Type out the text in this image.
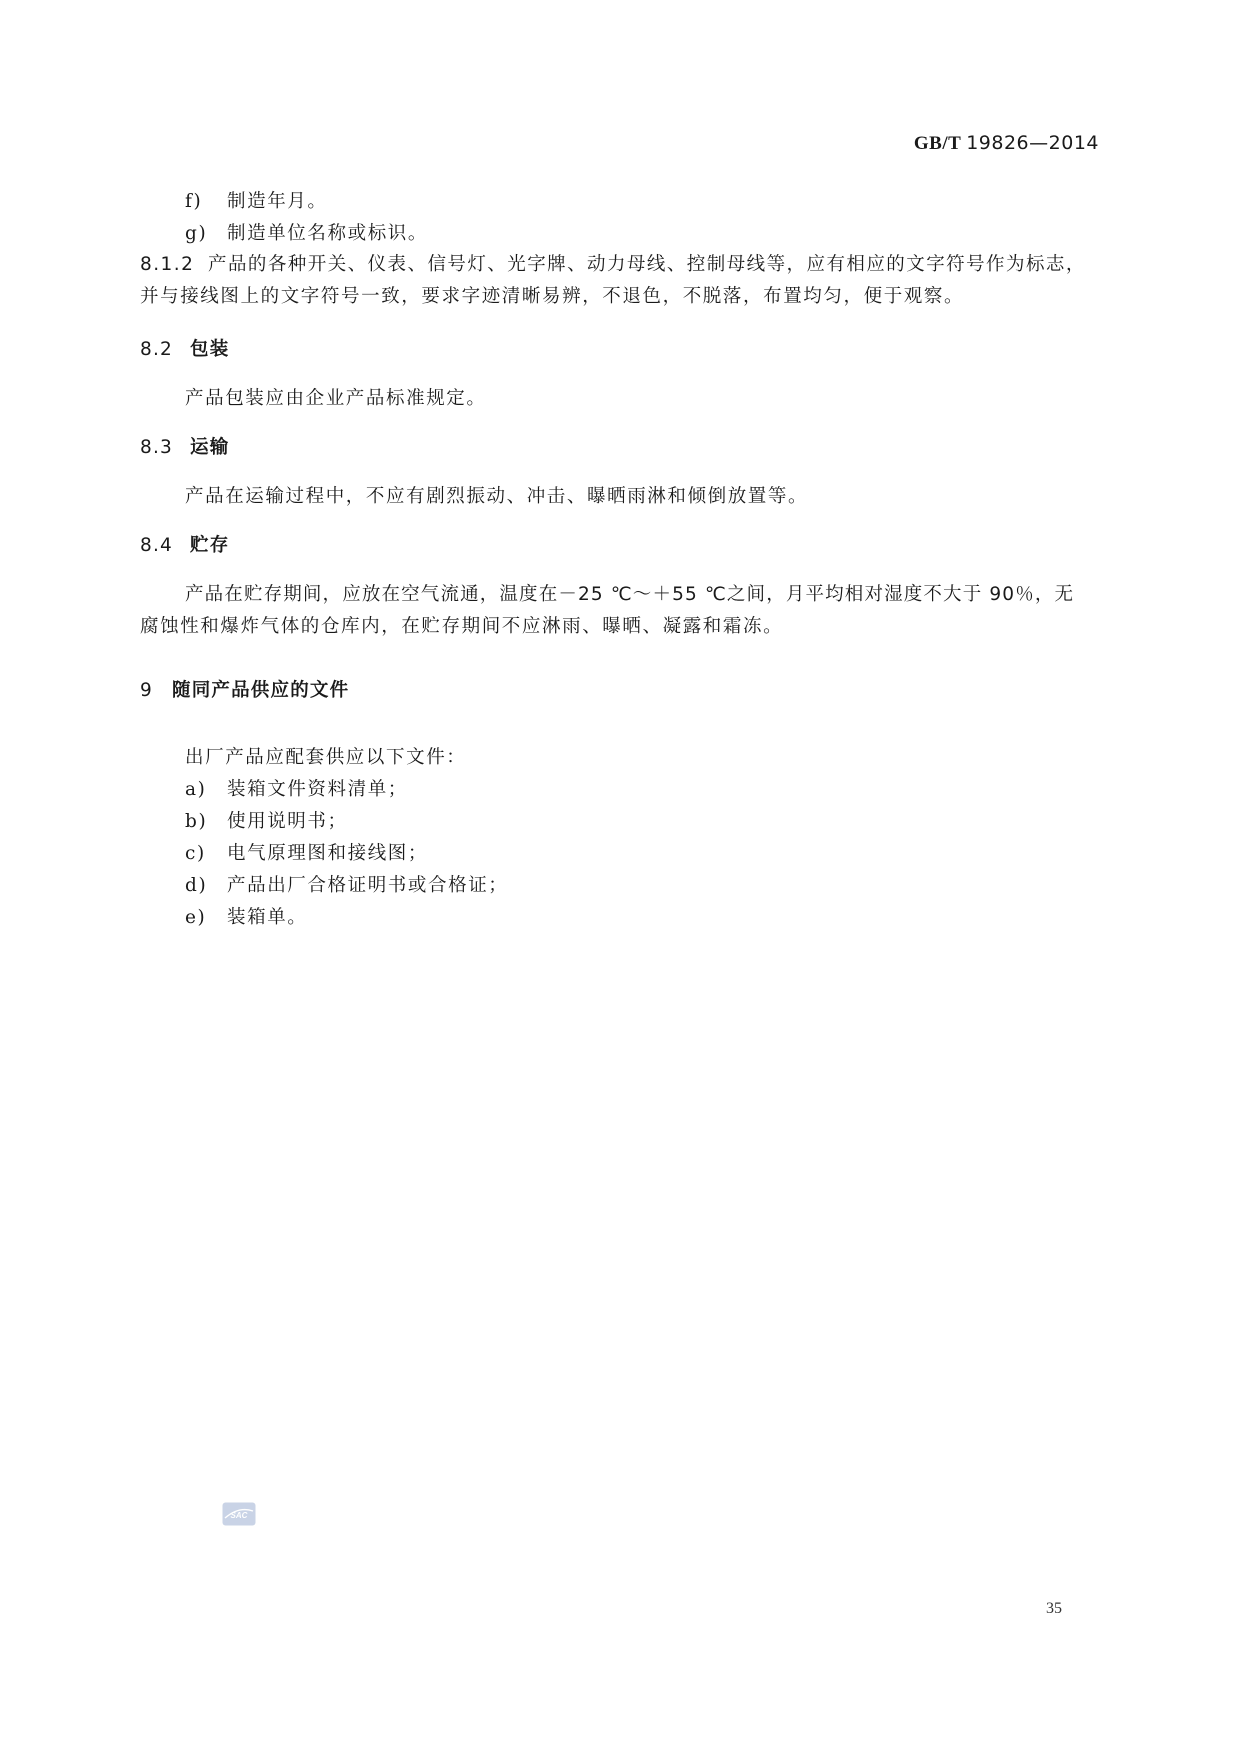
GB/T 19826—2014
f) 制造年月。
g) 制造单位名称或标识。
8.1.2 产品的各种开关、仪表、信号灯、光字牌、动力母线、控制母线等，应有相应的文字符号作为标志，
并与接线图上的文字符号一致，要求字迹清晰易辨，不退色，不脱落，布置均匀，便于观察。
8.2 包装
产品包装应由企业产品标准规定。
8.3 运输
产品在运输过程中，不应有剧烈振动、冲击、曝晒雨淋和倾倒放置等。
8.4 贮存
产品在贮存期间，应放在空气流通，温度在－25 ℃～＋55 ℃之间，月平均相对湿度不大于 90％，无
腐蚀性和爆炸气体的仓库内，在贮存期间不应淋雨、曝晒、凝露和霜冻。
9 随同产品供应的文件
出厂产品应配套供应以下文件：
a) 装箱文件资料清单；
b) 使用说明书；
c) 电气原理图和接线图；
d) 产品出厂合格证明书或合格证；
e) 装箱单。
SAC
35
